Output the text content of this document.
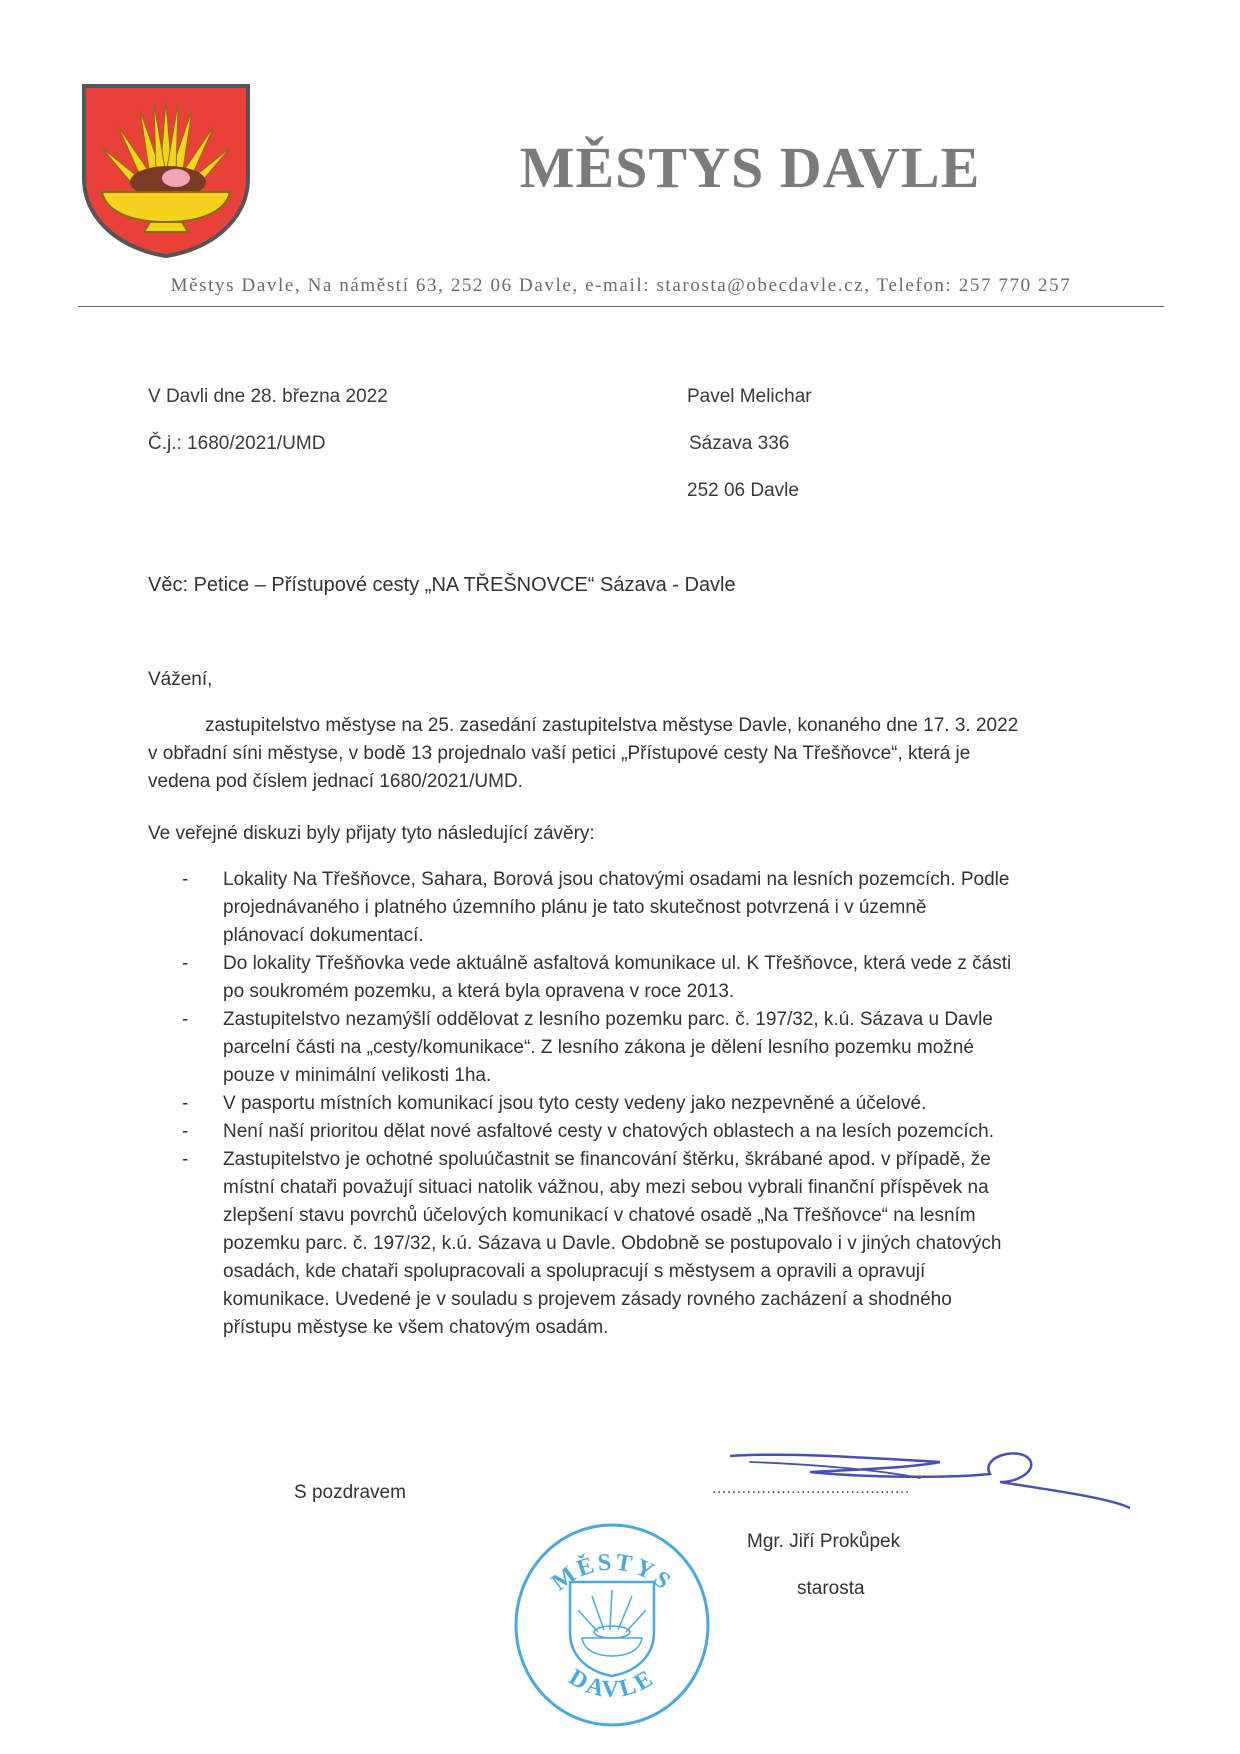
MĚSTYS DAVLE
Městys Davle, Na náměstí 63, 252 06 Davle, e-mail: starosta@obecdavle.cz, Telefon: 257 770 257
V Davli dne 28. března 2022
Č.j.: 1680/2021/UMD
Pavel Melichar
Sázava 336
252 06 Davle
Věc: Petice – Přístupové cesty „NA TŘEŠNOVCE“ Sázava - Davle
Vážení,
zastupitelstvo městyse na 25. zasedání zastupitelstva městyse Davle, konaného dne 17. 3. 2022
v obřadní síni městyse, v bodě 13 projednalo vaší petici „Přístupové cesty Na Třešňovce“, která je
vedena pod číslem jednací 1680/2021/UMD.
Ve veřejné diskuzi byly přijaty tyto následující závěry:
- Lokality Na Třešňovce, Sahara, Borová jsou chatovými osadami na lesních pozemcích. Podle
projednávaného i platného územního plánu je tato skutečnost potvrzená i v územně
plánovací dokumentací.
- Do lokality Třešňovka vede aktuálně asfaltová komunikace ul. K Třešňovce, která vede z části
po soukromém pozemku, a která byla opravena v roce 2013.
- Zastupitelstvo nezamýšlí oddělovat z lesního pozemku parc. č. 197/32, k.ú. Sázava u Davle
parcelní části na „cesty/komunikace“. Z lesního zákona je dělení lesního pozemku možné
pouze v minimální velikosti 1ha.
- V pasportu místních komunikací jsou tyto cesty vedeny jako nezpevněné a účelové.
- Není naší prioritou dělat nové asfaltové cesty v chatových oblastech a na lesích pozemcích.
- Zastupitelstvo je ochotné spoluúčastnit se financování štěrku, škrábané apod. v případě, že
místní chataři považují situaci natolik vážnou, aby mezi sebou vybrali finanční příspěvek na
zlepšení stavu povrchů účelových komunikací v chatové osadě „Na Třešňovce“ na lesním
pozemku parc. č. 197/32, k.ú. Sázava u Davle. Obdobně se postupovalo i v jiných chatových
osadách, kde chataři spolupracovali a spolupracují s městysem a opravili a opravují
komunikace. Uvedené je v souladu s projevem zásady rovného zacházení a shodného
přístupu městyse ke všem chatovým osadám.
S pozdravem	........................................
Mgr. Jiří Prokůpek
starosta
MĚSTYS
DAVLE
